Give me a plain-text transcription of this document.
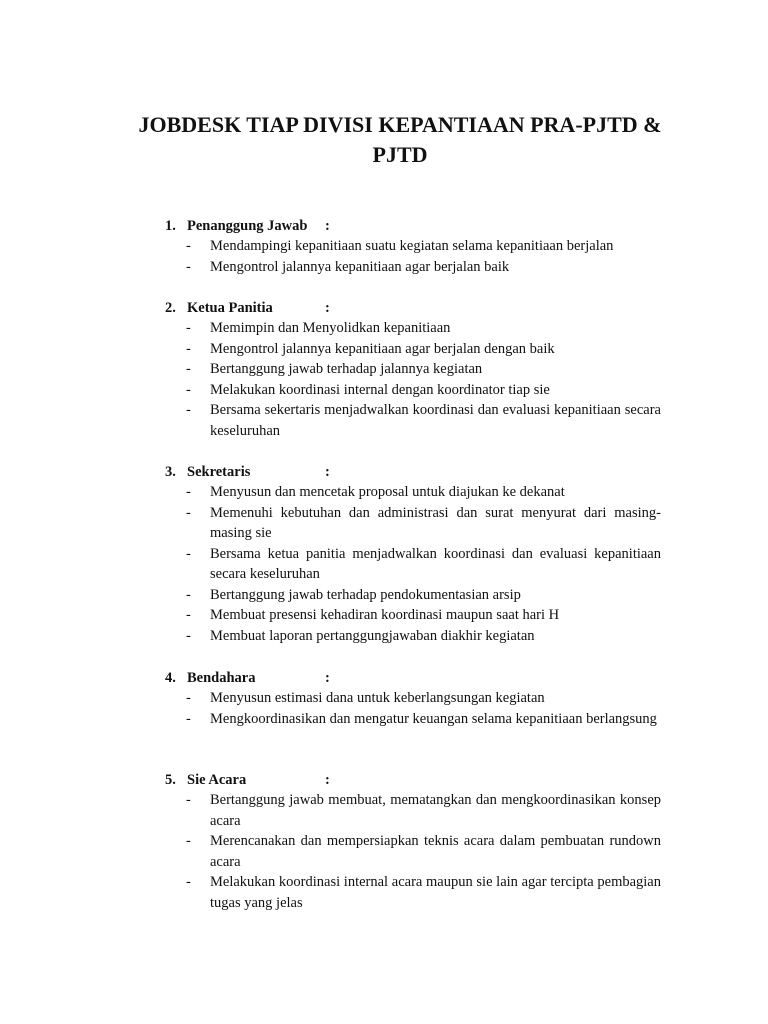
JOBDESK TIAP DIVISI KEPANTIAAN PRA-PJTD &
PJTD
1. Penanggung Jawab :
- Mendampingi kepanitiaan suatu kegiatan selama kepanitiaan berjalan
- Mengontrol jalannya kepanitiaan agar berjalan baik
2. Ketua Panitia	:
- Memimpin dan Menyolidkan kepanitiaan
- Mengontrol jalannya kepanitiaan agar berjalan dengan baik
- Bertanggung jawab terhadap jalannya kegiatan
- Melakukan koordinasi internal dengan koordinator tiap sie
- Bersama sekertaris menjadwalkan koordinasi dan evaluasi kepanitiaan secara keseluruhan
3. Sekretaris	:
- Menyusun dan mencetak proposal untuk diajukan ke dekanat
- Memenuhi kebutuhan dan administrasi dan surat menyurat dari masing-masing sie
- Bersama ketua panitia menjadwalkan koordinasi dan evaluasi kepanitiaan secara keseluruhan
- Bertanggung jawab terhadap pendokumentasian arsip
- Membuat presensi kehadiran koordinasi maupun saat hari H
- Membuat laporan pertanggungjawaban diakhir kegiatan
4. Bendahara	:
- Menyusun estimasi dana untuk keberlangsungan kegiatan
- Mengkoordinasikan dan mengatur keuangan selama kepanitiaan berlangsung
5. Sie Acara	:
- Bertanggung jawab membuat, mematangkan dan mengkoordinasikan konsep acara
- Merencanakan dan mempersiapkan teknis acara dalam pembuatan rundown acara
- Melakukan koordinasi internal acara maupun sie lain agar tercipta pembagian tugas yang jelas
